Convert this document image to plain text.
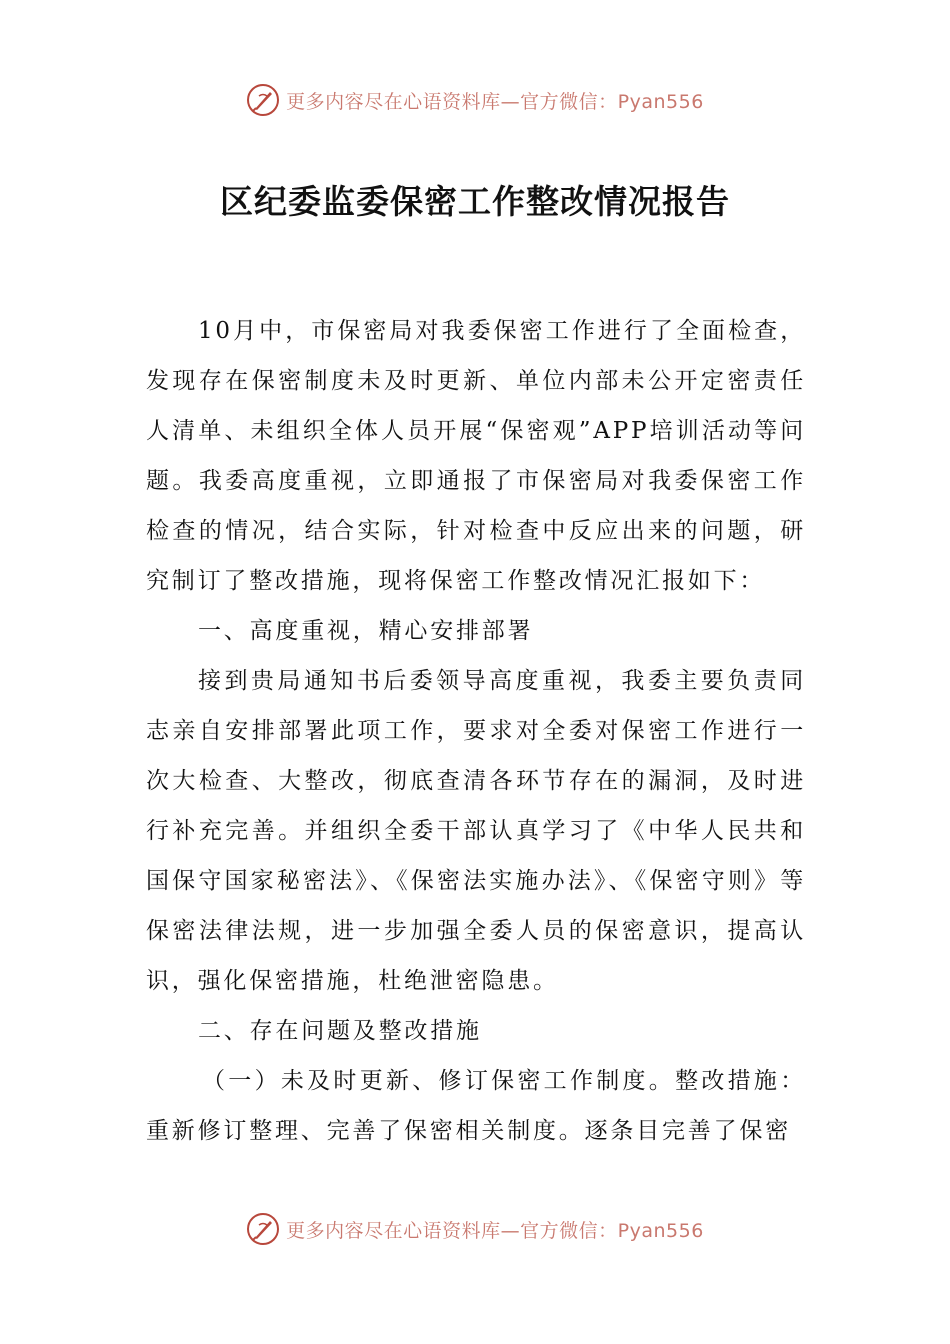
更多内容尽在心语资料库—官方微信：Pyan556
区纪委监委保密工作整改情况报告

10月中，市保密局对我委保密工作进行了全面检查，发现存在保密制度未及时更新、单位内部未公开定密责任人清单、未组织全体人员开展“保密观”APP培训活动等问题。我委高度重视，立即通报了市保密局对我委保密工作检查的情况，结合实际，针对检查中反应出来的问题，研究制订了整改措施，现将保密工作整改情况汇报如下：

一、高度重视，精心安排部署

接到贵局通知书后委领导高度重视，我委主要负责同志亲自安排部署此项工作，要求对全委对保密工作进行一次大检查、大整改，彻底查清各环节存在的漏洞，及时进行补充完善。并组织全委干部认真学习了《中华人民共和国保守国家秘密法》、《保密法实施办法》、《保密守则》等保密法律法规，进一步加强全委人员的保密意识，提高认识，强化保密措施，杜绝泄密隐患。

二、存在问题及整改措施

（一）未及时更新、修订保密工作制度。整改措施：重新修订整理、完善了保密相关制度。逐条目完善了保密

更多内容尽在心语资料库—官方微信：Pyan556
